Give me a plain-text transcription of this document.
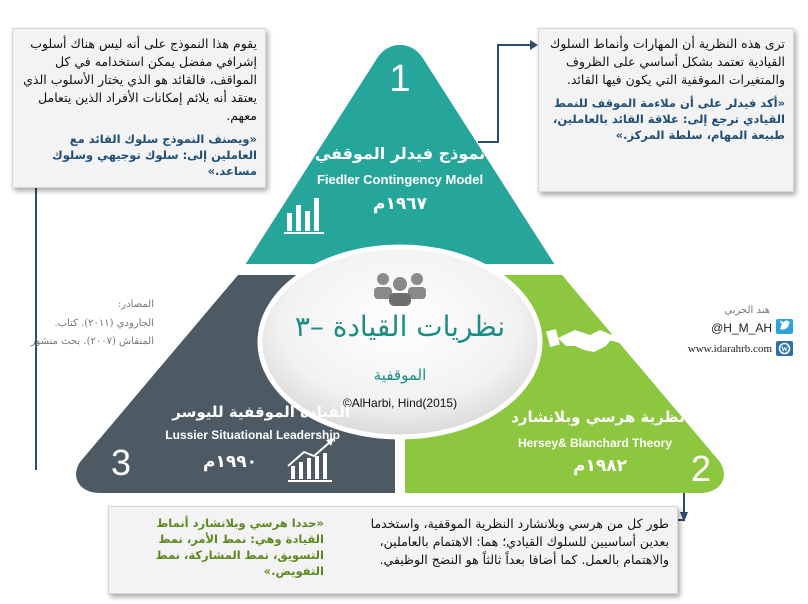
W

يقوم هذا النموذج على أنه ليس هناك أسلوب إشرافي مفضل يمكن استخدامه في كل المواقف، فالقائد هو الذي يختار الأسلوب الذي يعتقد أنه يلائم إمكانات الأفراد الذين يتعامل معهم.

«ويصنف النموذج سلوك القائد مع العاملين إلى: سلوك توجيهي وسلوك مساعد.»

ترى هذه النظرية أن المهارات وأنماط السلوك القيادية تعتمد بشكل أساسي على الظروف والمتغيرات الموقفية التي يكون فيها القائد.

«أكد فيدلر على أن ملاءمة الموقف للنمط القيادي ترجع إلى: علاقة القائد بالعاملين، طبيعة المهام، سلطة المركز.»

طور كل من هرسي وبلانشارد النظرية الموقفية، واستخدما بعدين أساسيين للسلوك القيادي؛ هما: الاهتمام بالعاملين، والاهتمام بالعمل. كما أضافا بعداً ثالثاً هو النضج الوظيفي.

«حددا هرسي وبلانشارد أنماط القيادة وهي: نمط الأمر، نمط التسويق، نمط المشاركة، نمط التفويض.»

1
نموذج فيدلر الموقفي
Fiedler Contingency Model
١٩٦٧م
نظريات القيادة –٣
الموقفية
©AlHarbi, Hind(2015)
القيادة الموقفية لليوسر
Lussier Situational Leadership
3	١٩٩٠م
نظرية هرسي وبلانشارد
Hersey& Blanchard Theory
١٩٨٢م	2
المصادر:
الجارودي (٢٠١١). كتاب.
المنقاش (٢٠٠٧). بحث منشور
هند الحربي
@H_M_AH
www.idarahrb.com
